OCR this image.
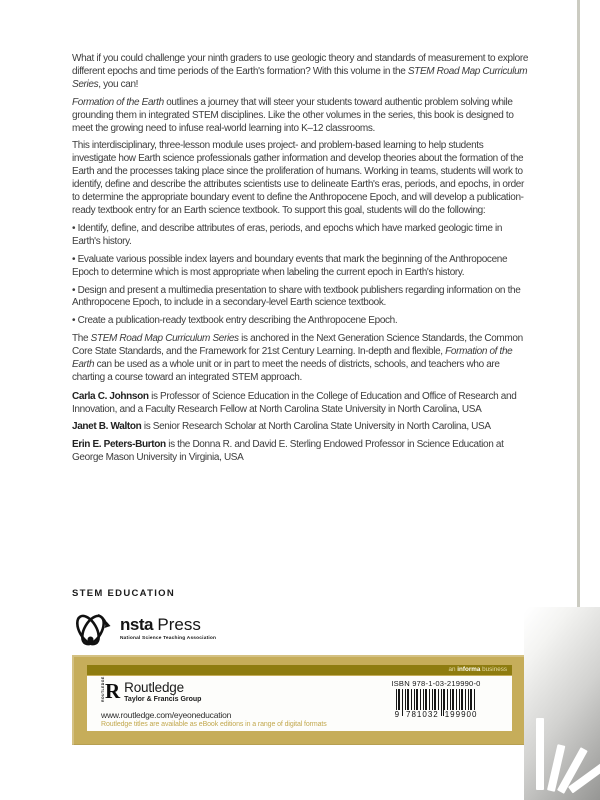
What if you could challenge your ninth graders to use geologic theory and standards of measurement to explore different epochs and time periods of the Earth's formation? With this volume in the STEM Road Map Curriculum Series, you can!

Formation of the Earth outlines a journey that will steer your students toward authentic problem solving while grounding them in integrated STEM disciplines. Like the other volumes in the series, this book is designed to meet the growing need to infuse real-world learning into K–12 classrooms.

This interdisciplinary, three-lesson module uses project- and problem-based learning to help students investigate how Earth science professionals gather information and develop theories about the formation of the Earth and the processes taking place since the proliferation of humans. Working in teams, students will work to identify, define and describe the attributes scientists use to delineate Earth's eras, periods, and epochs, in order to determine the appropriate boundary event to define the Anthropocene Epoch, and will develop a publication-ready textbook entry for an Earth science textbook. To support this goal, students will do the following:

• Identify, define, and describe attributes of eras, periods, and epochs which have marked geologic time in Earth's history.

• Evaluate various possible index layers and boundary events that mark the beginning of the Anthropocene Epoch to determine which is most appropriate when labeling the current epoch in Earth's history.

• Design and present a multimedia presentation to share with textbook publishers regarding information on the Anthropocene Epoch, to include in a secondary-level Earth science textbook.

• Create a publication-ready textbook entry describing the Anthropocene Epoch.

The STEM Road Map Curriculum Series is anchored in the Next Generation Science Standards, the Common Core State Standards, and the Framework for 21st Century Learning. In-depth and flexible, Formation of the Earth can be used as a whole unit or in part to meet the needs of districts, schools, and teachers who are charting a course toward an integrated STEM approach.

Carla C. Johnson is Professor of Science Education in the College of Education and Office of Research and Innovation, and a Faculty Research Fellow at North Carolina State University in North Carolina, USA

Janet B. Walton is Senior Research Scholar at North Carolina State University in North Carolina, USA

Erin E. Peters-Burton is the Donna R. and David E. Sterling Endowed Professor in Science Education at George Mason University in Virginia, USA

STEM EDUCATION
nsta Press
National Science Teaching Association
an informa business
ROUTLEDGE R Routledge
Taylor & Francis Group
www.routledge.com/eyeoneducation
Routledge titles are available as eBook editions in a range of digital formats
ISBN 978-1-03-219990-0
9 781032 199900
